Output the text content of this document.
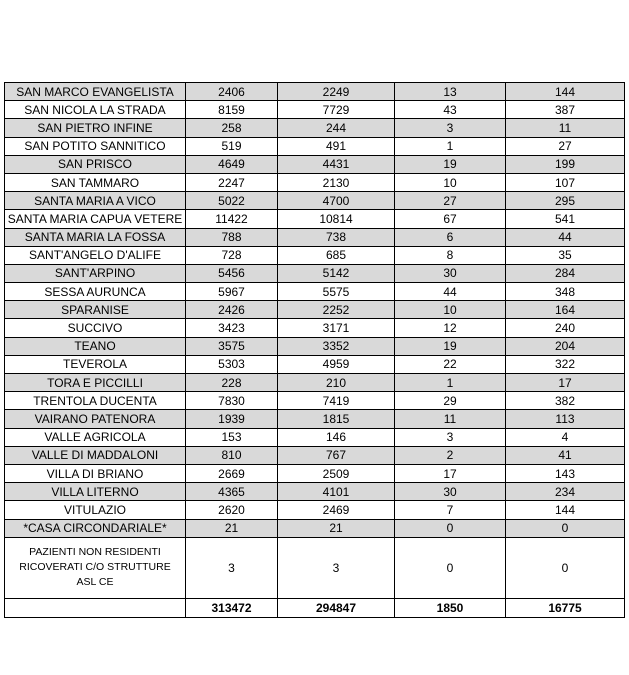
SAN MARCO EVANGELISTA	2406	2249	13	144
SAN NICOLA LA STRADA	8159	7729	43	387
SAN PIETRO INFINE	258	244	3	11
SAN POTITO SANNITICO	519	491	1	27
SAN PRISCO	4649	4431	19	199
SAN TAMMARO	2247	2130	10	107
SANTA MARIA A VICO	5022	4700	27	295
SANTA MARIA CAPUA VETERE	11422	10814	67	541
SANTA MARIA LA FOSSA	788	738	6	44
SANT'ANGELO D'ALIFE	728	685	8	35
SANT'ARPINO	5456	5142	30	284
SESSA AURUNCA	5967	5575	44	348
SPARANISE	2426	2252	10	164
SUCCIVO	3423	3171	12	240
TEANO	3575	3352	19	204
TEVEROLA	5303	4959	22	322
TORA E PICCILLI	228	210	1	17
TRENTOLA DUCENTA	7830	7419	29	382
VAIRANO PATENORA	1939	1815	11	113
VALLE AGRICOLA	153	146	3	4
VALLE DI MADDALONI	810	767	2	41
VILLA DI BRIANO	2669	2509	17	143
VILLA LITERNO	4365	4101	30	234
VITULAZIO	2620	2469	7	144
*CASA CIRCONDARIALE*	21	21	0	0
PAZIENTI NON RESIDENTI RICOVERATI C/O STRUTTURE ASL CE	3	3	0	0
	313472	294847	1850	16775
